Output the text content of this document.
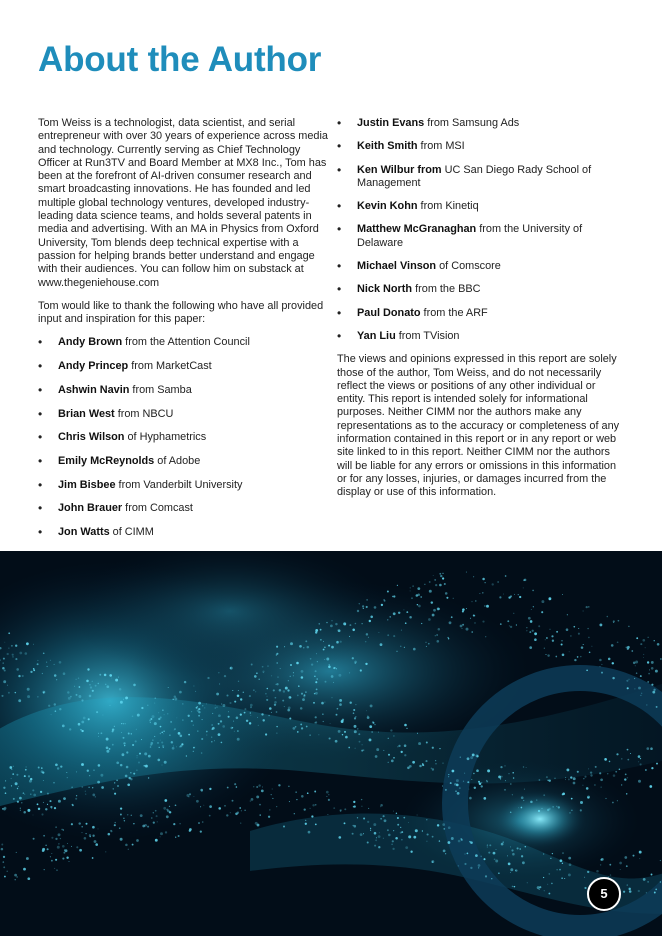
About the Author

Tom Weiss is a technologist, data scientist, and serial entrepreneur with over 30 years of experience across media and technology. Currently serving as Chief Technology Officer at Run3TV and Board Member at MX8 Inc., Tom has been at the forefront of AI-driven consumer research and smart broadcasting innovations. He has founded and led multiple global technology ventures, developed industry-leading data science teams, and holds several patents in media and advertising. With an MA in Physics from Oxford University, Tom blends deep technical expertise with a passion for helping brands better understand and engage with their audiences. You can follow him on substack at www.thegeniehouse.com

Tom would like to thank the following who have all provided input and inspiration for this paper:

• Andy Brown from the Attention Council
• Andy Princep from MarketCast
• Ashwin Navin from Samba
• Brian West from NBCU
• Chris Wilson of Hyphametrics
• Emily McReynolds of Adobe
• Jim Bisbee from Vanderbilt University
• John Brauer from Comcast
• Jon Watts of CIMM
• Justin Evans from Samsung Ads
• Keith Smith from MSI
• Ken Wilbur from UC San Diego Rady School of Management
• Kevin Kohn from Kinetiq
• Matthew McGranaghan from the University of Delaware
• Michael Vinson of Comscore
• Nick North from the BBC
• Paul Donato from the ARF
• Yan Liu from TVision

The views and opinions expressed in this report are solely those of the author, Tom Weiss, and do not necessarily reflect the views or positions of any other individual or entity. This report is intended solely for informational purposes. Neither CIMM nor the authors make any representations as to the accuracy or completeness of any information contained in this report or in any report or web site linked to in this report. Neither CIMM nor the authors will be liable for any errors or omissions in this information or for any losses, injuries, or damages incurred from the display or use of this information.

5
